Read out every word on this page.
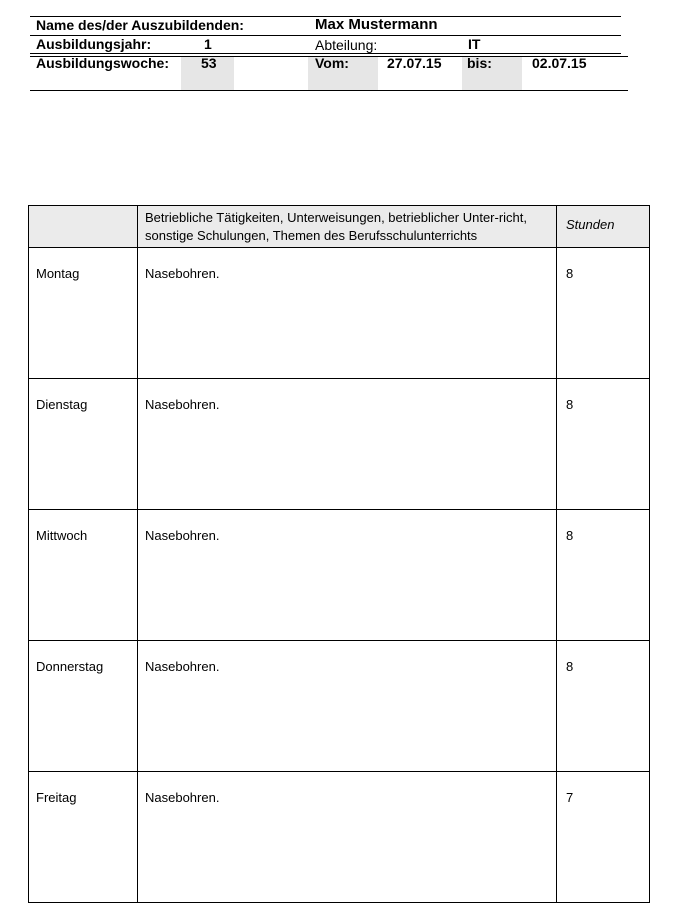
Name des/der Auszubildenden:	Max Mustermann
Ausbildungsjahr:	1	Abteilung:	IT
Ausbildungswoche: 53	Vom:	27.07.15 bis:	02.07.15
	Betriebliche Tätigkeiten, Unterweisungen, betrieblicher Unter-richt, sonstige Schulungen, Themen des Berufsschulunterrichts	Stunden
Montag	Nasebohren.	8
Dienstag	Nasebohren.	8
Mittwoch	Nasebohren.	8
Donnerstag	Nasebohren.	8
Freitag	Nasebohren.	7
